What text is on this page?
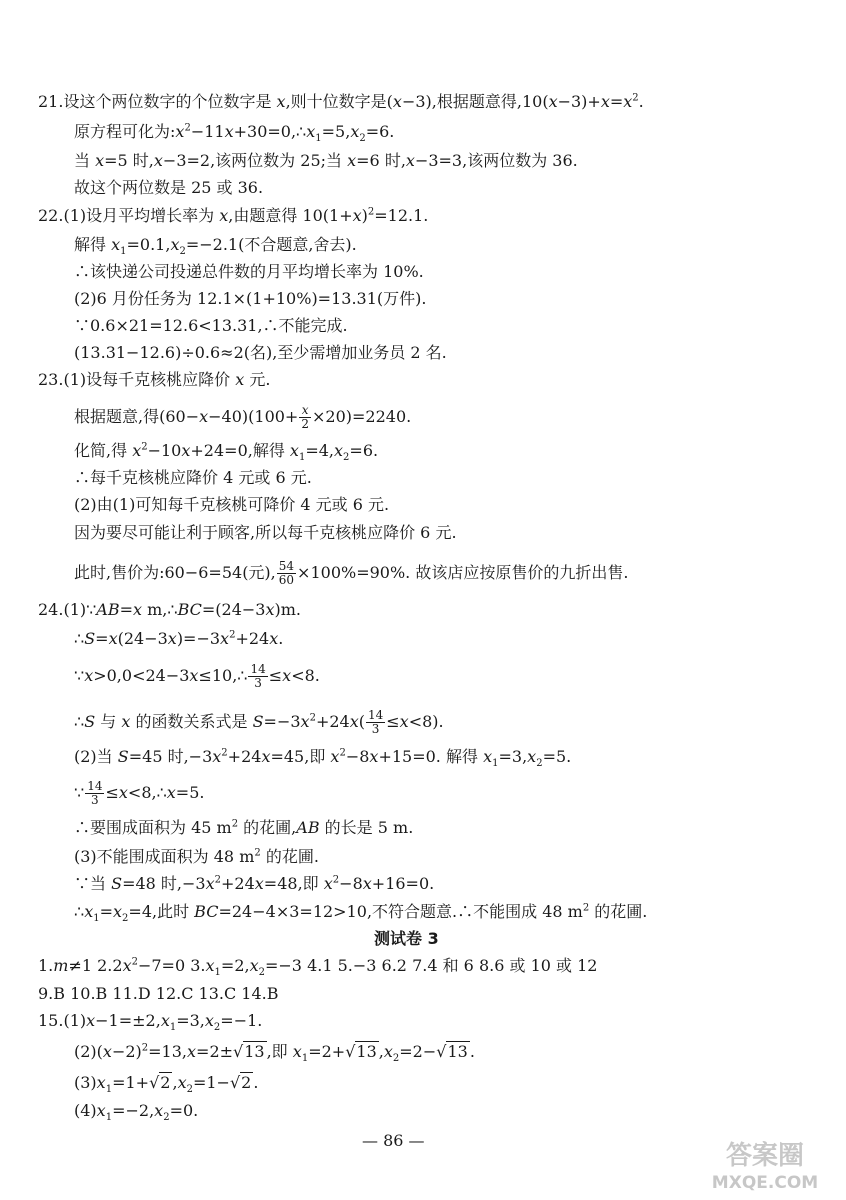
21.设这个两位数字的个位数字是 x,则十位数字是(x−3),根据题意得$,10(x-3)+x=x^2$.
原方程可化为$:x^2-11x+30=0,\therefore x_1=5,x_2=6$.
当 x=5 时,x−3=2,该两位数为 25;当 x=6 时,x−3=3,该两位数为 36.
故这个两位数是 25 或 36.
22.(1)设月平均增长率为 x,由题意得 $10(1+x)^2=12.1$.
解得 $x_1=0.1,x_2=-2.1$(不合题意,舍去).
∴该快递公司投递总件数的月平均增长率为 10%.
(2)6 月份任务为 12.1×(1+10%)=13.31(万件).
∵0.6×21=12.6<13.31,∴不能完成.
(13.31−12.6)÷0.6≈2(名),至少需增加业务员 2 名.
23.(1)设每千克核桃应降价 x 元.
根据题意,得$(60-x-40)(100+ \frac{x}{2} \times 20)=2240$.
化简,得 $x^2-10x+24=0$,解得 $x_1=4,x_2=6$.
∴每千克核桃应降价 4 元或 6 元.
(2)由(1)可知每千克核桃可降价 4 元或 6 元.
因为要尽可能让利于顾客,所以每千克核桃应降价 6 元.
此时,售价为:60−6=54(元), $\frac{54}{60} \times 100\%=90\%$. 故该店应按原售价的九折出售.
24.(1)∵AB=x m,∴BC=(24−3x)m.
$\therefore S=x(24-3x)=-3x^2+24x$.
∵x>0,0<24−3x≤10,∴ $\frac{14}{3} \le x<8$.
∴S 与 x 的函数关系式是 $S=-3x^2+24x( \frac{14}{3} \le x<8)$.
(2)当 S=45 时$,-3x^2+24x=45$,即 $x^2-8x+15=0$. 解得 $x_1=3,x_2=5$.
∵ $\frac{14}{3}$ ≤x<8,∴x=5.
∴要围成面积为 45 $m^2$ 的花圃,AB 的长是 5 m.
(3)不能围成面积为 48 $m^2$ 的花圃.
∵当 S=48 时$,-3x^2+24x=48$,即 $x^2-8x+16=0$.
$\therefore x_1=x_2=4$,此时 BC=24−4×3=12>10,不符合题意.∴不能围成 48 $m^2$ 的花圃.
测试卷 3
1.m≠1 $2.2x^2-7=0$ $3.x_1=2,x_2=-3$ 4.1 5.−3 6.2 7.4 和 6 8.6 或 10 或 12
9.B 10.B 11.D 12.C 13.C 14.B
$15.(1)x-1=\pm 2,x_1=3,x_2=-1$.
$(2)(x-2)^2=13,x=2\pm√13$ ,即 $x_1=2+√13$ $,x_2=2-√13$ .
$(3)x_1=1+√2$ $,x_2=1-√2$ .
$(4)x_1=-2,x_2=0$.
— 86 —
答案圈
MXQE.COM
